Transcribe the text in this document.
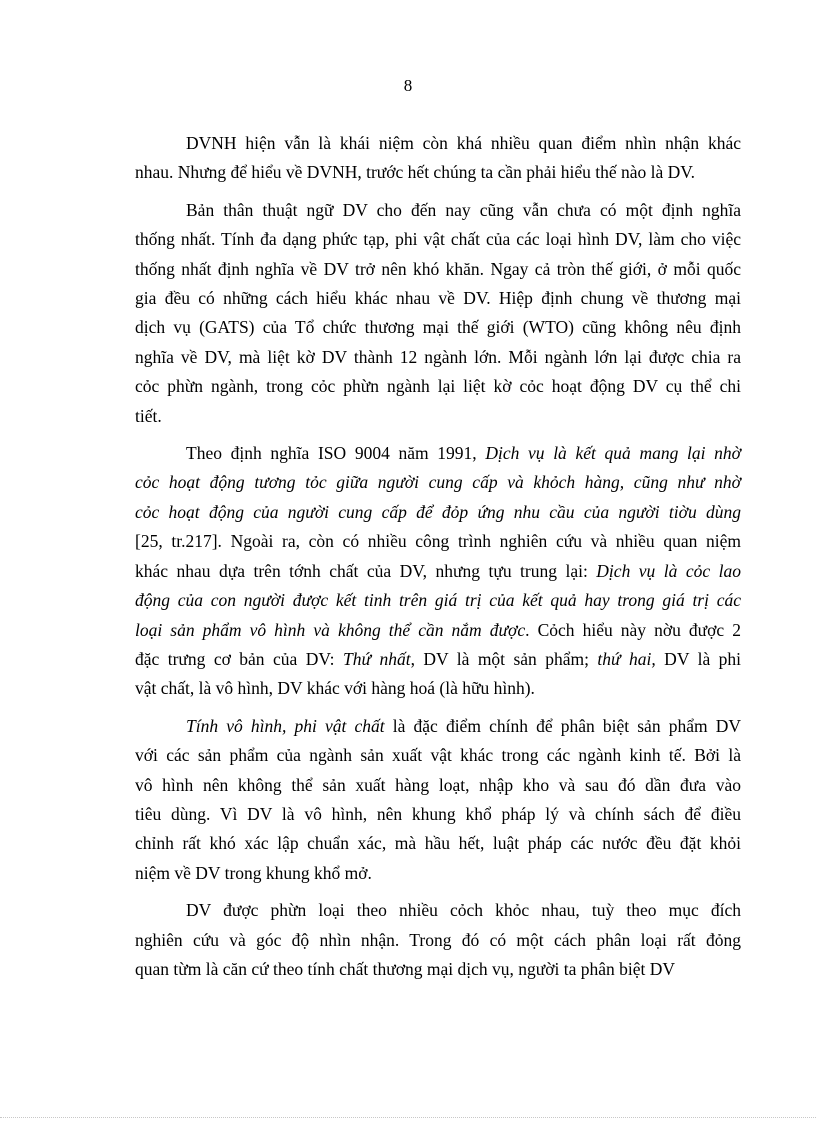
8

DVNH hiện vẫn là khái niệm còn khá nhiều quan điểm nhìn nhận khác
nhau. Nhưng để hiểu về DVNH, trước hết chúng ta cần phải hiểu thế nào là DV.

Bản thân thuật ngữ DV cho đến nay cũng vẫn chưa có một định nghĩa
thống nhất. Tính đa dạng phức tạp, phi vật chất của các loại hình DV, làm cho việc
thống nhất định nghĩa về DV trở nên khó khăn. Ngay cả tròn thế giới, ở mỗi quốc
gia đều có những cách hiểu khác nhau về DV. Hiệp định chung về thương mại
dịch vụ (GATS) của Tổ chức thương mại thế giới (WTO) cũng không nêu định
nghĩa về DV, mà liệt kờ DV thành 12 ngành lớn. Mỗi ngành lớn lại được chia ra
cỏc phừn ngành, trong cỏc phừn ngành lại liệt kờ cỏc hoạt động DV cụ thể chi
tiết.

Theo định nghĩa ISO 9004 năm 1991, Dịch vụ là kết quả mang lại nhờ
cỏc hoạt động tương tỏc giữa người cung cấp và khỏch hàng, cũng như nhờ
cỏc hoạt động của người cung cấp để đỏp ứng nhu cầu của người tiờu dùng
[25, tr.217]. Ngoài ra, còn có nhiều công trình nghiên cứu và nhiều quan niệm
khác nhau dựa trên tớnh chất của DV, nhưng tựu trung lại: Dịch vụ là cỏc lao
động của con người được kết tinh trên giá trị của kết quả hay trong giá trị các
loại sản phẩm vô hình và không thể cần nắm được. Cỏch hiểu này nờu được 2
đặc trưng cơ bản của DV: Thứ nhất, DV là một sản phẩm; thứ hai, DV là phi
vật chất, là vô hình, DV khác với hàng hoá (là hữu hình).

Tính vô hình, phi vật chất là đặc điểm chính để phân biệt sản phẩm DV
với các sản phẩm của ngành sản xuất vật khác trong các ngành kinh tế. Bởi là
vô hình nên không thể sản xuất hàng loạt, nhập kho và sau đó dần đưa vào
tiêu dùng. Vì DV là vô hình, nên khung khổ pháp lý và chính sách để điều
chỉnh rất khó xác lập chuẩn xác, mà hầu hết, luật pháp các nước đều đặt khỏi
niệm về DV trong khung khổ mở.

DV được phừn loại theo nhiều cỏch khỏc nhau, tuỳ theo mục đích
nghiên cứu và góc độ nhìn nhận. Trong đó có một cách phân loại rất đỏng
quan từm là căn cứ theo tính chất thương mại dịch vụ, người ta phân biệt DV
